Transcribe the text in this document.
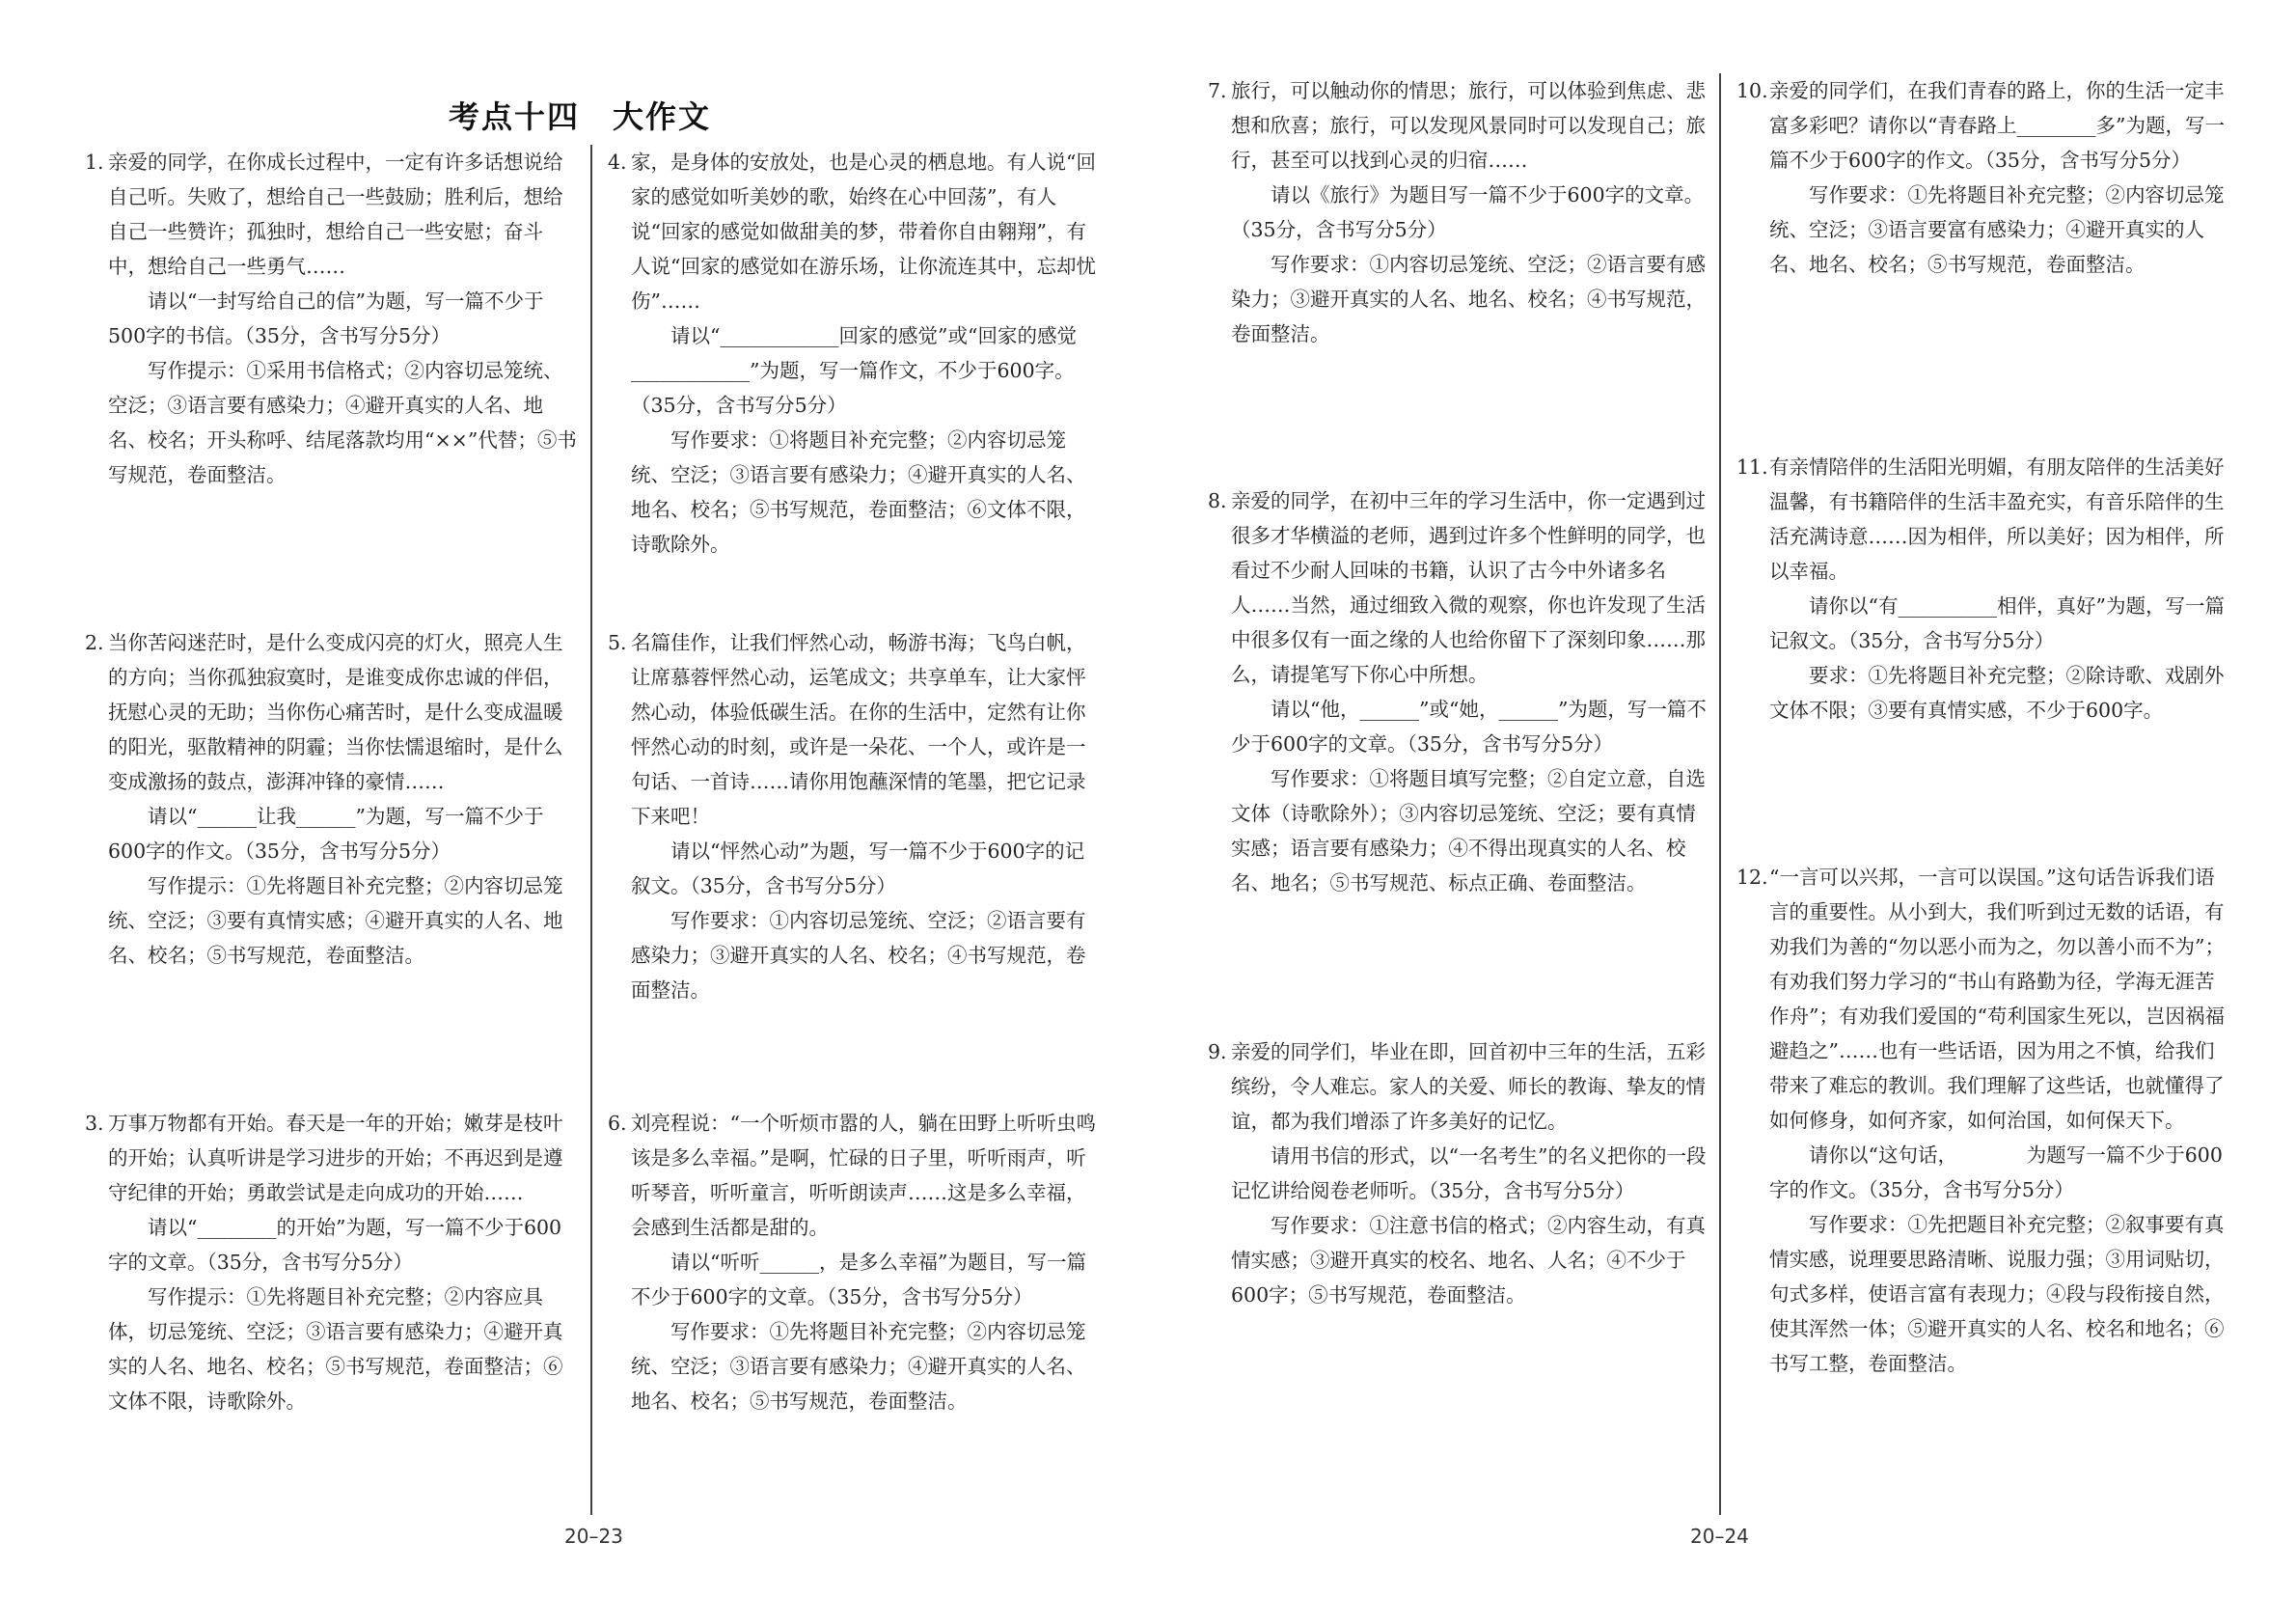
考点十四　大作文
1. 亲爱的同学，在你成长过程中，一定有许多话想说给自己听。失败了，想给自己一些鼓励；胜利后，想给自己一些赞许；孤独时，想给自己一些安慰；奋斗中，想给自己一些勇气……

请以“一封写给自己的信”为题，写一篇不少于500字的书信。（35分，含书写分5分）

写作提示：①采用书信格式；②内容切忌笼统、空泛；③语言要有感染力；④避开真实的人名、地名、校名；开头称呼、结尾落款均用“××”代替；⑤书写规范，卷面整洁。

2. 当你苦闷迷茫时，是什么变成闪亮的灯火，照亮人生的方向；当你孤独寂寞时，是谁变成你忠诚的伴侣，抚慰心灵的无助；当你伤心痛苦时，是什么变成温暖的阳光，驱散精神的阴霾；当你怯懦退缩时，是什么变成激扬的鼓点，澎湃冲锋的豪情……

请以“______让我______”为题，写一篇不少于600字的作文。（35分，含书写分5分）

写作提示：①先将题目补充完整；②内容切忌笼统、空泛；③要有真情实感；④避开真实的人名、地名、校名；⑤书写规范，卷面整洁。

3. 万事万物都有开始。春天是一年的开始；嫩芽是枝叶的开始；认真听讲是学习进步的开始；不再迟到是遵守纪律的开始；勇敢尝试是走向成功的开始……

请以“________的开始”为题，写一篇不少于600字的文章。（35分，含书写分5分）

写作提示：①先将题目补充完整；②内容应具体，切忌笼统、空泛；③语言要有感染力；④避开真实的人名、地名、校名；⑤书写规范，卷面整洁；⑥文体不限，诗歌除外。

4. 家，是身体的安放处，也是心灵的栖息地。有人说“回家的感觉如听美妙的歌，始终在心中回荡”，有人说“回家的感觉如做甜美的梦，带着你自由翱翔”，有人说“回家的感觉如在游乐场，让你流连其中，忘却忧伤”……

请以“____________回家的感觉”或“回家的感觉____________”为题，写一篇作文，不少于600字。（35分，含书写分5分）

写作要求：①将题目补充完整；②内容切忌笼统、空泛；③语言要有感染力；④避开真实的人名、地名、校名；⑤书写规范，卷面整洁；⑥文体不限，诗歌除外。

5. 名篇佳作，让我们怦然心动，畅游书海；飞鸟白帆，让席慕蓉怦然心动，运笔成文；共享单车，让大家怦然心动，体验低碳生活。在你的生活中，定然有让你怦然心动的时刻，或许是一朵花、一个人，或许是一句话、一首诗……请你用饱蘸深情的笔墨，把它记录下来吧！

请以“怦然心动”为题，写一篇不少于600字的记叙文。（35分，含书写分5分）

写作要求：①内容切忌笼统、空泛；②语言要有感染力；③避开真实的人名、校名；④书写规范，卷面整洁。

6. 刘亮程说：“一个听烦市嚣的人，躺在田野上听听虫鸣该是多么幸福。”是啊，忙碌的日子里，听听雨声，听听琴音，听听童言，听听朗读声……这是多么幸福，会感到生活都是甜的。

请以“听听______，是多么幸福”为题目，写一篇不少于600字的文章。（35分，含书写分5分）

写作要求：①先将题目补充完整；②内容切忌笼统、空泛；③语言要有感染力；④避开真实的人名、地名、校名；⑤书写规范，卷面整洁。

7. 旅行，可以触动你的情思；旅行，可以体验到焦虑、悲想和欣喜；旅行，可以发现风景同时可以发现自己；旅行，甚至可以找到心灵的归宿……

请以《旅行》为题目写一篇不少于600字的文章。（35分，含书写分5分）

写作要求：①内容切忌笼统、空泛；②语言要有感染力；③避开真实的人名、地名、校名；④书写规范，卷面整洁。

8. 亲爱的同学，在初中三年的学习生活中，你一定遇到过很多才华横溢的老师，遇到过许多个性鲜明的同学，也看过不少耐人回味的书籍，认识了古今中外诸多名人……当然，通过细致入微的观察，你也许发现了生活中很多仅有一面之缘的人也给你留下了深刻印象……那么，请提笔写下你心中所想。

请以“他，______”或“她，______”为题，写一篇不少于600字的文章。（35分，含书写分5分）

写作要求：①将题目填写完整；②自定立意，自选文体（诗歌除外）；③内容切忌笼统、空泛；要有真情实感；语言要有感染力；④不得出现真实的人名、校名、地名；⑤书写规范、标点正确、卷面整洁。

9. 亲爱的同学们，毕业在即，回首初中三年的生活，五彩缤纷，令人难忘。家人的关爱、师长的教诲、挚友的情谊，都为我们增添了许多美好的记忆。

请用书信的形式，以“一名考生”的名义把你的一段记忆讲给阅卷老师听。（35分，含书写分5分）

写作要求：①注意书信的格式；②内容生动，有真情实感；③避开真实的校名、地名、人名；④不少于600字；⑤书写规范，卷面整洁。

10. 亲爱的同学们，在我们青春的路上，你的生活一定丰富多彩吧？请你以“青春路上________多”为题，写一篇不少于600字的作文。（35分，含书写分5分）

写作要求：①先将题目补充完整；②内容切忌笼统、空泛；③语言要富有感染力；④避开真实的人名、地名、校名；⑤书写规范，卷面整洁。

11. 有亲情陪伴的生活阳光明媚，有朋友陪伴的生活美好温馨，有书籍陪伴的生活丰盈充实，有音乐陪伴的生活充满诗意……因为相伴，所以美好；因为相伴，所以幸福。

请你以“有__________相伴，真好”为题，写一篇记叙文。（35分，含书写分5分）

要求：①先将题目补充完整；②除诗歌、戏剧外文体不限；③要有真情实感，不少于600字。

12. “一言可以兴邦，一言可以误国。”这句话告诉我们语言的重要性。从小到大，我们听到过无数的话语，有劝我们为善的“勿以恶小而为之，勿以善小而不为”；有劝我们努力学习的“书山有路勤为径，学海无涯苦作舟”；有劝我们爱国的“苟利国家生死以，岂因祸福避趋之”……也有一些话语，因为用之不慎，给我们带来了难忘的教训。我们理解了这些话，也就懂得了如何修身，如何齐家，如何治国，如何保天下。

请你以“这句话，　　　　为题写一篇不少于600字的作文。（35分，含书写分5分）

写作要求：①先把题目补充完整；②叙事要有真情实感，说理要思路清晰、说服力强；③用词贴切，句式多样，使语言富有表现力；④段与段衔接自然，使其浑然一体；⑤避开真实的人名、校名和地名；⑥书写工整，卷面整洁。

20–23	20–24
